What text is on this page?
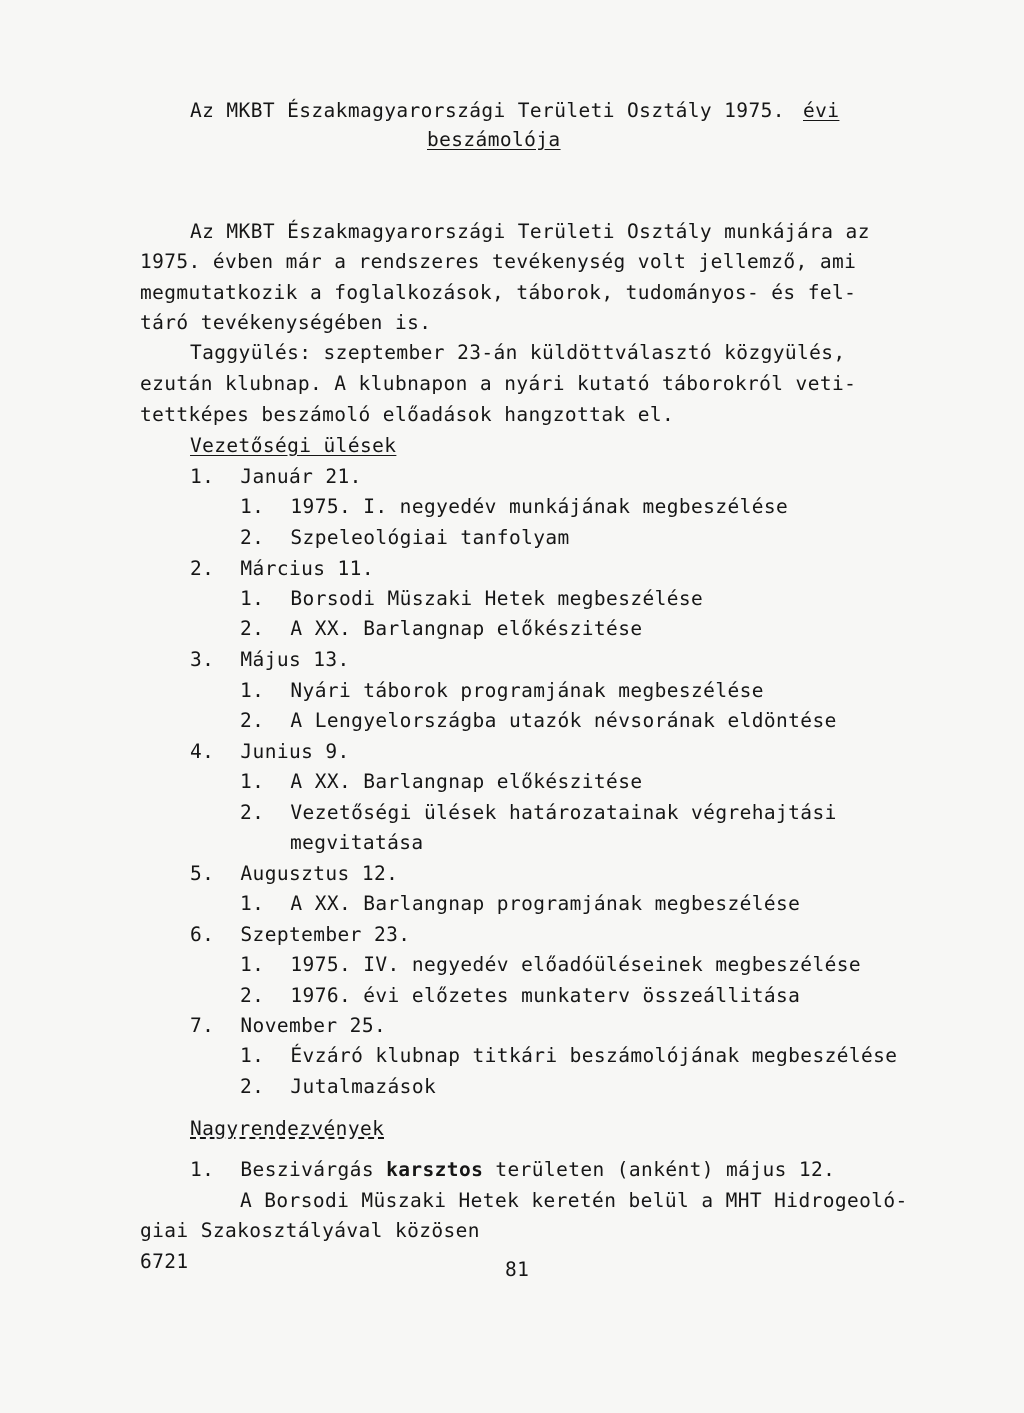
Az MKBT Északmagyarországi Területi Osztály 1975. évi
beszámolója
Az MKBT Északmagyarországi Területi Osztály munkájára az
1975. évben már a rendszeres tevékenység volt jellemző, ami
megmutatkozik a foglalkozások, táborok, tudományos- és fel-
táró tevékenységében is.
Taggyülés: szeptember 23-án küldöttválasztó közgyülés,
ezután klubnap. A klubnapon a nyári kutató táborokról veti-
tettképes beszámoló előadások hangzottak el.
Vezetőségi ülések
1. Január 21.
1. 1975. I. negyedév munkájának megbeszélése
2. Szpeleológiai tanfolyam
2. Március 11.
1. Borsodi Müszaki Hetek megbeszélése
2. A XX. Barlangnap előkészitése
3. Május 13.
1. Nyári táborok programjának megbeszélése
2. A Lengyelországba utazók névsorának eldöntése
4. Junius 9.
1. A XX. Barlangnap előkészitése
2. Vezetőségi ülések határozatainak végrehajtási
megvitatása
5. Augusztus 12.
1. A XX. Barlangnap programjának megbeszélése
6. Szeptember 23.
1. 1975. IV. negyedév előadóüléseinek megbeszélése
2. 1976. évi előzetes munkaterv összeállitása
7. November 25.
1. Évzáró klubnap titkári beszámolójának megbeszélése
2. Jutalmazások
Nagyrendezvények
1. Beszivárgás karsztos területen (anként) május 12.
A Borsodi Müszaki Hetek keretén belül a MHT Hidrogeoló-
giai Szakosztályával közösen
6721	81
